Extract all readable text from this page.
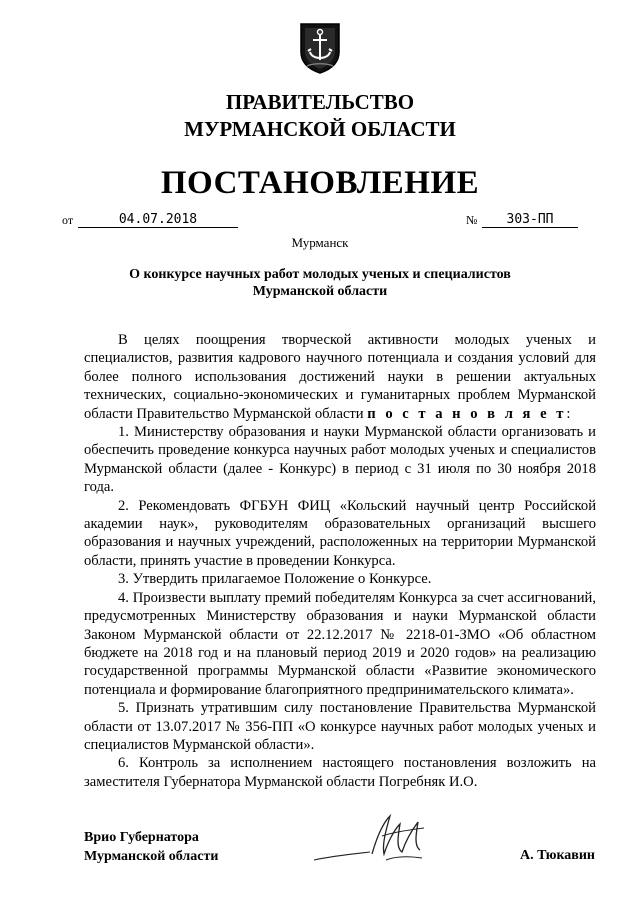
ПРАВИТЕЛЬСТВО
МУРМАНСКОЙ ОБЛАСТИ
ПОСТАНОВЛЕНИЕ
от	04.07.2018	№	303-ПП
Мурманск
О конкурсе научных работ молодых ученых и специалистов
Мурманской области

В целях поощрения творческой активности молодых ученых и специалистов, развития кадрового научного потенциала и создания условий для более полного использования достижений науки в решении актуальных технических, социально-экономических и гуманитарных проблем Мурманской области Правительство Мурманской области п о с т а н о в л я е т:

1. Министерству образования и науки Мурманской области организовать и обеспечить проведение конкурса научных работ молодых ученых и специалистов Мурманской области (далее - Конкурс) в период с 31 июля по 30 ноября 2018 года.

2. Рекомендовать ФГБУН ФИЦ «Кольский научный центр Российской академии наук», руководителям образовательных организаций высшего образования и научных учреждений, расположенных на территории Мурманской области, принять участие в проведении Конкурса.

3. Утвердить прилагаемое Положение о Конкурсе.

4. Произвести выплату премий победителям Конкурса за счет ассигнований, предусмотренных Министерству образования и науки Мурманской области Законом Мурманской области от 22.12.2017 № 2218-01-ЗМО «Об областном бюджете на 2018 год и на плановый период 2019 и 2020 годов» на реализацию государственной программы Мурманской области «Развитие экономического потенциала и формирование благоприятного предпринимательского климата».

5. Признать утратившим силу постановление Правительства Мурманской области от 13.07.2017 № 356-ПП «О конкурсе научных работ молодых ученых и специалистов Мурманской области».

6. Контроль за исполнением настоящего постановления возложить на заместителя Губернатора Мурманской области Погребняк И.О.

Врио Губернатора
Мурманской области	А. Тюкавин
